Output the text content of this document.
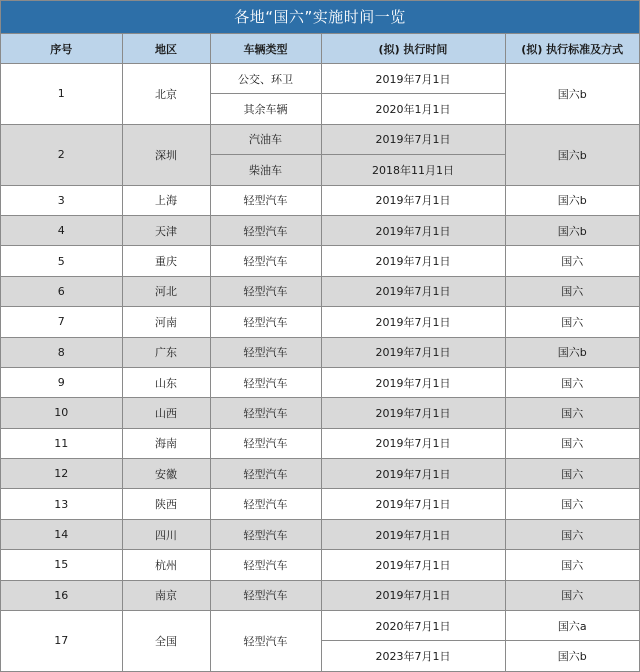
各地“国六”实施时间一览
序号	地区	车辆类型	(拟) 执行时间	(拟) 执行标准及方式
1	北京	公交、环卫	2019年7月1日	国六b
		其余车辆	2020年1月1日	
2	深圳	汽油车	2019年7月1日	国六b
		柴油车	2018年11月1日	
3	上海	轻型汽车	2019年7月1日	国六b
4	天津	轻型汽车	2019年7月1日	国六b
5	重庆	轻型汽车	2019年7月1日	国六
6	河北	轻型汽车	2019年7月1日	国六
7	河南	轻型汽车	2019年7月1日	国六
8	广东	轻型汽车	2019年7月1日	国六b
9	山东	轻型汽车	2019年7月1日	国六
10	山西	轻型汽车	2019年7月1日	国六
11	海南	轻型汽车	2019年7月1日	国六
12	安徽	轻型汽车	2019年7月1日	国六
13	陕西	轻型汽车	2019年7月1日	国六
14	四川	轻型汽车	2019年7月1日	国六
15	杭州	轻型汽车	2019年7月1日	国六
16	南京	轻型汽车	2019年7月1日	国六
17	全国	轻型汽车	2020年7月1日	国六a
			2023年7月1日	国六b
